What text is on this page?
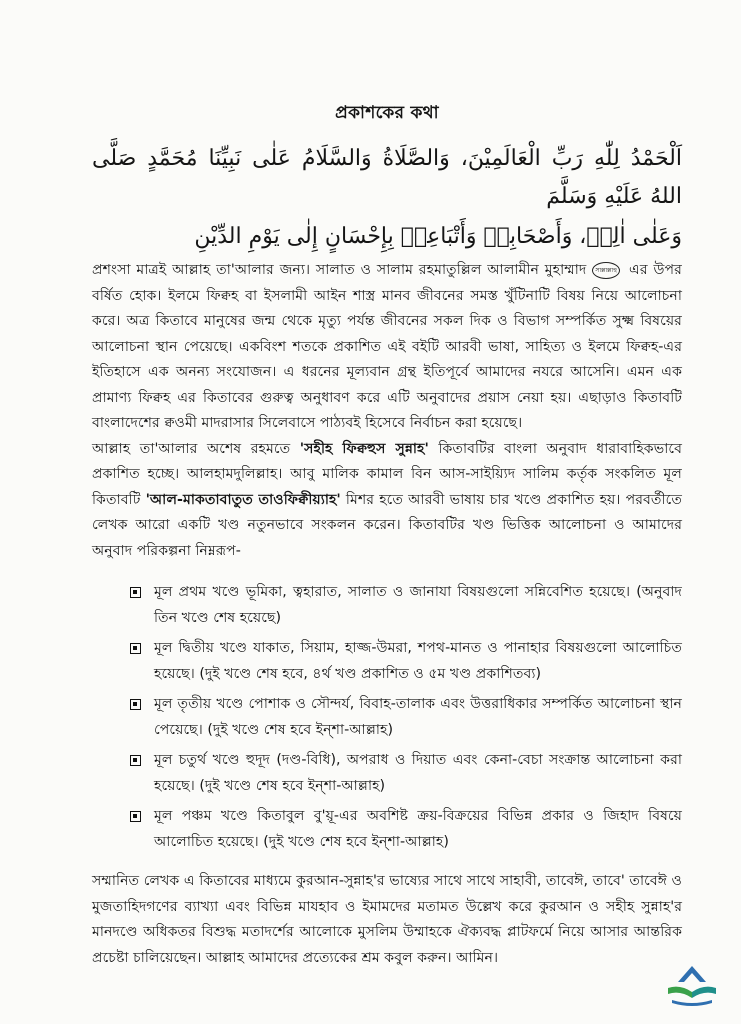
প্রকাশকের কথা
اَلْحَمْدُ لِلّٰهِ رَبِّ الْعَالَمِيْنَ، وَالصَّلَاةُ وَالسَّلَامُ عَلٰى نَبِيِّنَا مُحَمَّدٍ صَلَّى اللهُ عَلَيْهِ وَسَلَّمَ
وَعَلٰى اٰلِهٖ، وَأَصْحَابِهٖ وَأَتْبَاعِهٖ بِإِحْسَانٍ إِلٰى يَوْمِ الدِّيْنِ

প্রশংসা মাত্রই আল্লাহ তা'আলার জন্য। সালাত ও সালাম রহমাতুল্লিল আলামীন মুহাম্মাদ সাল্লাল্লাহু এর উপর বর্ষিত হোক। ইলমে ফিক্বহ বা ইসলামী আইন শাস্ত্র মানব জীবনের সমস্ত খুঁটিনাটি বিষয় নিয়ে আলোচনা করে। অত্র কিতাবে মানুষের জন্ম থেকে মৃত্যু পর্যন্ত জীবনের সকল দিক ও বিভাগ সম্পর্কিত সুক্ষ্ম বিষয়ের আলোচনা স্থান পেয়েছে। একবিংশ শতকে প্রকাশিত এই বইটি আরবী ভাষা, সাহিত্য ও ইলমে ফিক্বহ-এর ইতিহাসে এক অনন্য সংযোজন। এ ধরনের মূল্যবান গ্রন্থ ইতিপূর্বে আমাদের নযরে আসেনি। এমন এক প্রামাণ্য ফিক্বহ এর কিতাবের গুরুত্ব অনুধাবণ করে এটি অনুবাদের প্রয়াস নেয়া হয়। এছাড়াও কিতাবটি বাংলাদেশের ক্বওমী মাদরাসার সিলেবাসে পাঠ্যবই হিসেবে নির্বাচন করা হয়েছে।

আল্লাহ তা'আলার অশেষ রহমতে 'সহীহ ফিক্বহুস সুন্নাহ' কিতাবটির বাংলা অনুবাদ ধারাবাহিকভাবে প্রকাশিত হচ্ছে। আলহামদুলিল্লাহ। আবু মালিক কামাল বিন আস-সাইয়্যিদ সালিম কর্তৃক সংকলিত মূল কিতাবটি 'আল-মাকতাবাতুত তাওফিক্বীয়্যাহ' মিশর হতে আরবী ভাষায় চার খণ্ডে প্রকাশিত হয়। পরবর্তীতে লেখক আরো একটি খণ্ড নতুনভাবে সংকলন করেন। কিতাবটির খণ্ড ভিত্তিক আলোচনা ও আমাদের অনুবাদ পরিকল্পনা নিম্নরূপ-

মূল প্রথম খণ্ডে ভূমিকা, ত্বহারাত, সালাত ও জানাযা বিষয়গুলো সন্নিবেশিত হয়েছে। (অনুবাদ তিন খণ্ডে শেষ হয়েছে)
মূল দ্বিতীয় খণ্ডে যাকাত, সিয়াম, হাজ্জ-উমরা, শপথ-মানত ও পানাহার বিষয়গুলো আলোচিত হয়েছে। (দুই খণ্ডে শেষ হবে, ৪র্থ খণ্ড প্রকাশিত ও ৫ম খণ্ড প্রকাশিতব্য)
মূল তৃতীয় খণ্ডে পোশাক ও সৌন্দর্য, বিবাহ-তালাক এবং উত্তরাধিকার সম্পর্কিত আলোচনা স্থান পেয়েছে। (দুই খণ্ডে শেষ হবে ইন্শা-আল্লাহ)
মূল চতুর্থ খণ্ডে হুদূদ (দণ্ড-বিধি), অপরাধ ও দিয়াত এবং কেনা-বেচা সংক্রান্ত আলোচনা করা হয়েছে। (দুই খণ্ডে শেষ হবে ইন্শা-আল্লাহ)
মূল পঞ্চম খণ্ডে কিতাবুল বু'য়ূ-এর অবশিষ্ট ক্রয়-বিক্রয়ের বিভিন্ন প্রকার ও জিহাদ বিষয়ে আলোচিত হয়েছে। (দুই খণ্ডে শেষ হবে ইন্শা-আল্লাহ)

সম্মানিত লেখক এ কিতাবের মাধ্যমে কুরআন-সুন্নাহ'র ভাষ্যের সাথে সাথে সাহাবী, তাবেঈ, তাবে' তাবেঈ ও মুজতাহিদগণের ব্যাখ্যা এবং বিভিন্ন মাযহাব ও ইমামদের মতামত উল্লেখ করে কুরআন ও সহীহ সুন্নাহ'র মানদণ্ডে অধিকতর বিশুদ্ধ মতাদর্শের আলোকে মুসলিম উম্মাহকে ঐক্যবদ্ধ প্লাটফর্মে নিয়ে আসার আন্তরিক প্রচেষ্টা চালিয়েছেন। আল্লাহ আমাদের প্রত্যেকের শ্রম কবুল করুন। আমিন।
